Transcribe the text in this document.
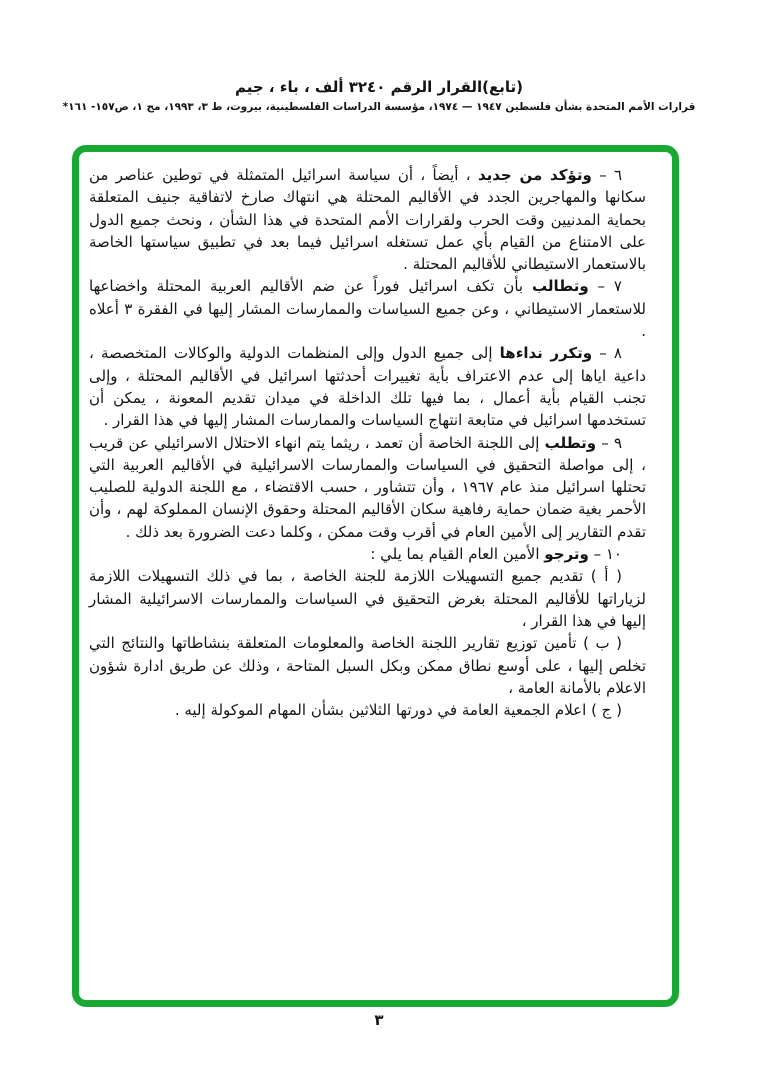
(تابع)القرار الرقم ٣٢٤٠ ألف ، باء ، جيم
قرارات الأمم المتحدة بشأن فلسطين ١٩٤٧ — ١٩٧٤، مؤسسة الدراسات الفلسطينية، بيروت، ط ٣، ١٩٩٣، مج ١، ص١٥٧- ١٦١*

٦ – وتؤكد من جديد ، أيضاً ، أن سياسة اسرائيل المتمثلة في توطين عناصر من سكانها والمهاجرين الجدد في الأقاليم المحتلة هي انتهاك صارخ لاتفاقية جنيف المتعلقة بحماية المدنيين وقت الحرب ولقرارات الأمم المتحدة في هذا الشأن ، ونحث جميع الدول على الامتناع من القيام بأي عمل تستغله اسرائيل فيما بعد في تطبيق سياستها الخاصة بالاستعمار الاستيطاني للأقاليم المحتلة .

٧ – وتطالب بأن تكف اسرائيل فوراً عن ضم الأقاليم العربية المحتلة واخضاعها للاستعمار الاستيطاني ، وعن جميع السياسات والممارسات المشار إليها في الفقرة ٣ أعلاه .

٨ – وتكرر نداءها إلى جميع الدول وإلى المنظمات الدولية والوكالات المتخصصة ، داعية اياها إلى عدم الاعتراف بأية تغييرات أحدثتها اسرائيل في الأقاليم المحتلة ، وإلى تجنب القيام بأية أعمال ، بما فيها تلك الداخلة في ميدان تقديم المعونة ، يمكن أن تستخدمها اسرائيل في متابعة انتهاج السياسات والممارسات المشار إليها في هذا القرار .

٩ – وتطلب إلى اللجنة الخاصة أن تعمد ، ريثما يتم انهاء الاحتلال الاسرائيلي عن قريب ، إلى مواصلة التحقيق في السياسات والممارسات الاسرائيلية في الأقاليم العربية التي تحتلها اسرائيل منذ عام ١٩٦٧ ، وأن تتشاور ، حسب الاقتضاء ، مع اللجنة الدولية للصليب الأحمر بغية ضمان حماية رفاهية سكان الأقاليم المحتلة وحقوق الإنسان المملوكة لهم ، وأن تقدم التقارير إلى الأمين العام في أقرب وقت ممكن ، وكلما دعت الضرورة بعد ذلك .

١٠ – وترجو الأمين العام القيام بما يلي :

( أ ) تقديم جميع التسهيلات اللازمة للجنة الخاصة ، بما في ذلك التسهيلات اللازمة لزياراتها للأقاليم المحتلة بغرض التحقيق في السياسات والممارسات الاسرائيلية المشار إليها في هذا القرار ،

( ب ) تأمين توزيع تقارير اللجنة الخاصة والمعلومات المتعلقة بنشاطاتها والنتائج التي تخلص إليها ، على أوسع نطاق ممكن وبكل السبل المتاحة ، وذلك عن طريق ادارة شؤون الاعلام بالأمانة العامة ،

( ج ) اعلام الجمعية العامة في دورتها الثلاثين بشأن المهام الموكولة إليه .

٣
